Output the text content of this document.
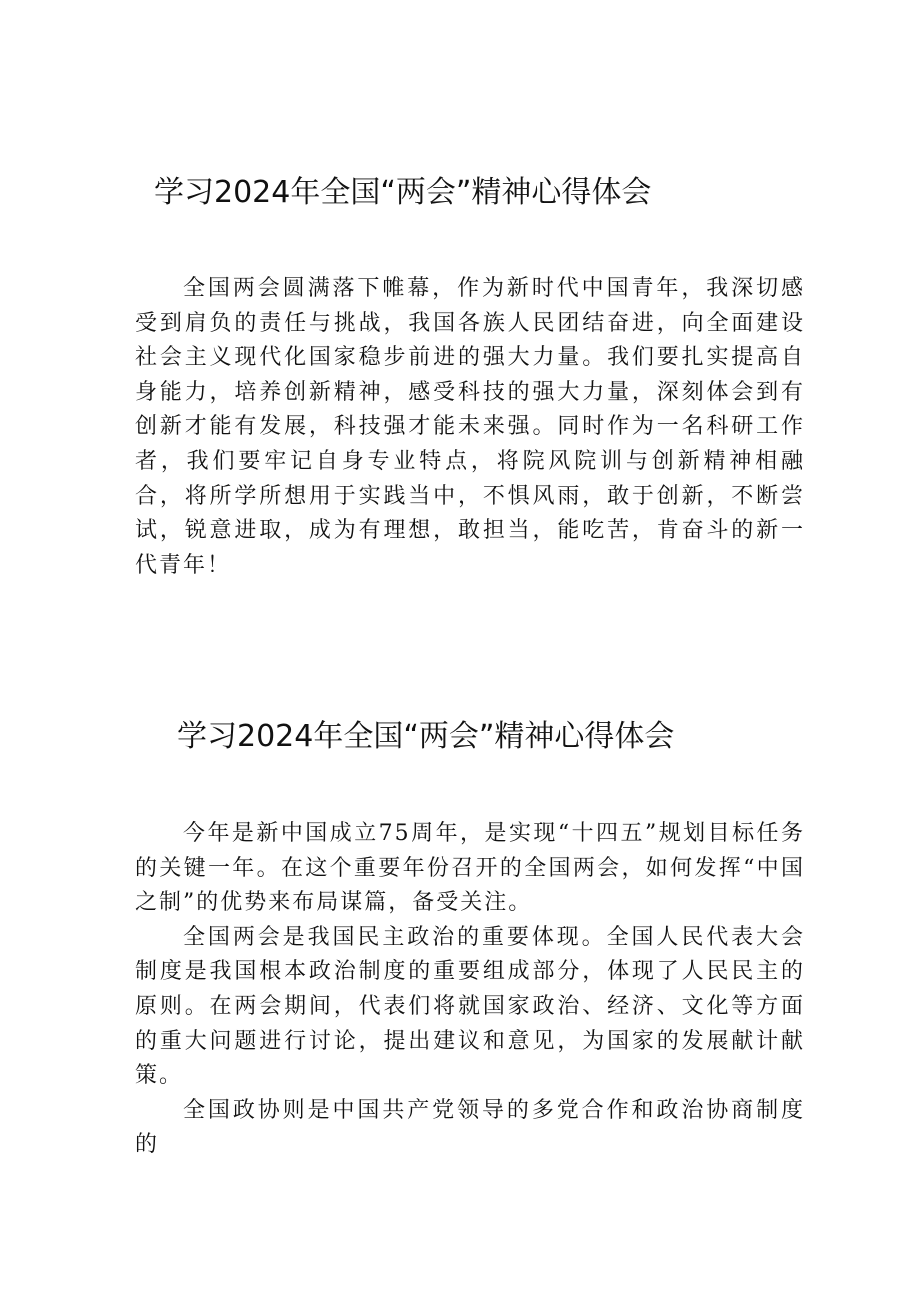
学习2024年全国“两会”精神心得体会

全国两会圆满落下帷幕，作为新时代中国青年，我深切感受到肩负的责任与挑战，我国各族人民团结奋进，向全面建设社会主义现代化国家稳步前进的强大力量。我们要扎实提高自身能力，培养创新精神，感受科技的强大力量，深刻体会到有创新才能有发展，科技强才能未来强。同时作为一名科研工作者，我们要牢记自身专业特点，将院风院训与创新精神相融合，将所学所想用于实践当中，不惧风雨，敢于创新，不断尝试，锐意进取，成为有理想，敢担当，能吃苦，肯奋斗的新一代青年！

学习2024年全国“两会”精神心得体会

今年是新中国成立75周年，是实现“十四五”规划目标任务的关键一年。在这个重要年份召开的全国两会，如何发挥“中国之制”的优势来布局谋篇，备受关注。

全国两会是我国民主政治的重要体现。全国人民代表大会制度是我国根本政治制度的重要组成部分，体现了人民民主的原则。在两会期间，代表们将就国家政治、经济、文化等方面的重大问题进行讨论，提出建议和意见，为国家的发展献计献策。

全国政协则是中国共产党领导的多党合作和政治协商制度的
